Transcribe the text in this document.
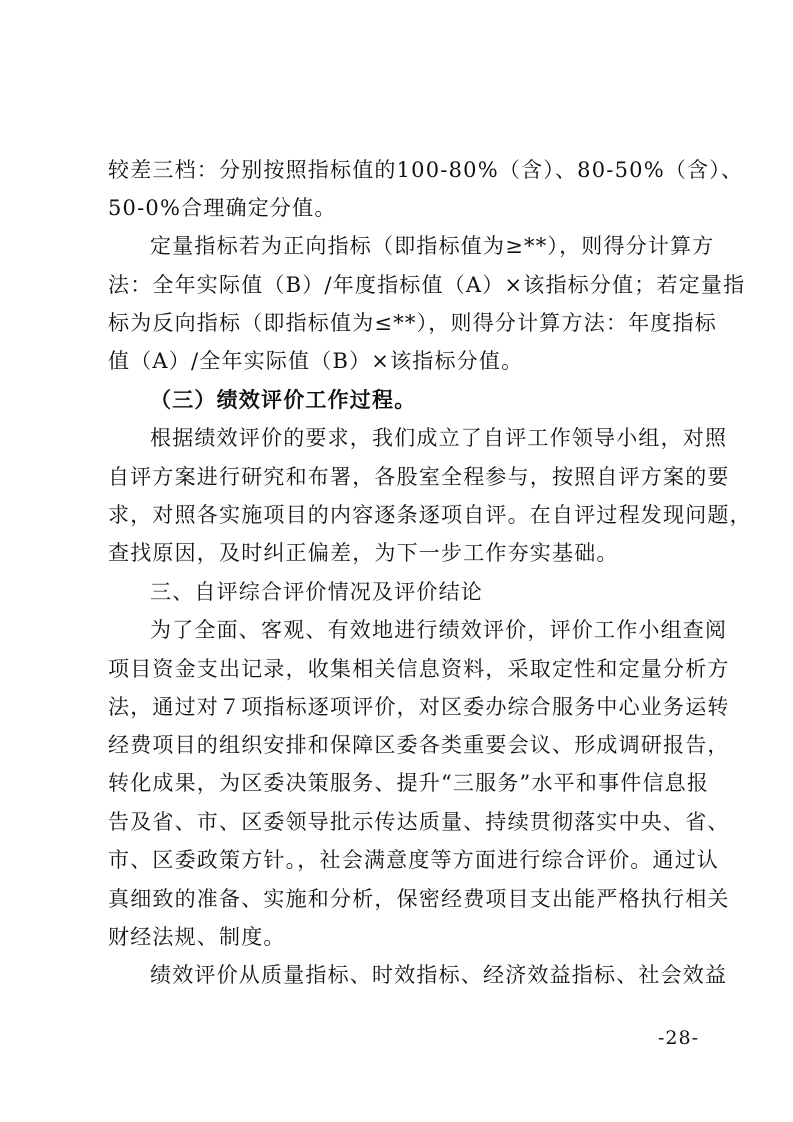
较差三档：分别按照指标值的100-80%（含）、80-50%（含）、
50-0%合理确定分值。
定量指标若为正向指标（即指标值为≥**），则得分计算方
法：全年实际值（B）/年度指标值（A）×该指标分值；若定量指
标为反向指标（即指标值为≤**），则得分计算方法：年度指标
值（A）/全年实际值（B）×该指标分值。
（三）绩效评价工作过程。
根据绩效评价的要求，我们成立了自评工作领导小组，对照
自评方案进行研究和布署，各股室全程参与，按照自评方案的要
求，对照各实施项目的内容逐条逐项自评。在自评过程发现问题，
查找原因，及时纠正偏差，为下一步工作夯实基础。
三、自评综合评价情况及评价结论
为了全面、客观、有效地进行绩效评价，评价工作小组查阅
项目资金支出记录，收集相关信息资料，采取定性和定量分析方
法，通过对７项指标逐项评价，对区委办综合服务中心业务运转
经费项目的组织安排和保障区委各类重要会议、形成调研报告，
转化成果，为区委决策服务、提升“三服务”水平和事件信息报
告及省、市、区委领导批示传达质量、持续贯彻落实中央、省、
市、区委政策方针。，社会满意度等方面进行综合评价。通过认
真细致的准备、实施和分析，保密经费项目支出能严格执行相关
财经法规、制度。
绩效评价从质量指标、时效指标、经济效益指标、社会效益
-28-
